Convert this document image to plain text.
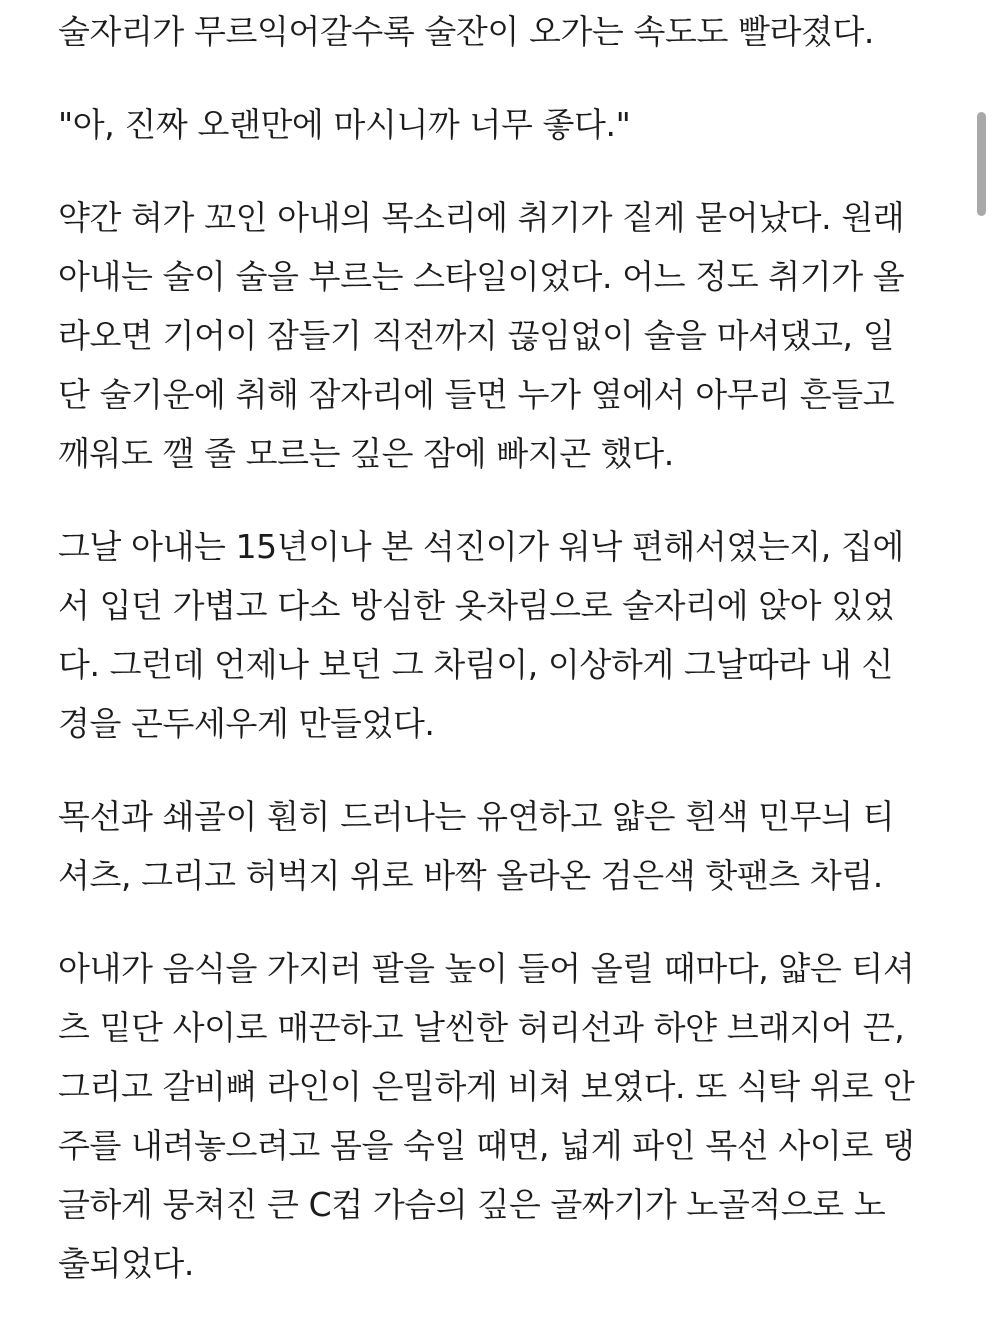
술자리가 무르익어갈수록 술잔이 오가는 속도도 빨라졌다.

"아, 진짜 오랜만에 마시니까 너무 좋다."

약간 혀가 꼬인 아내의 목소리에 취기가 짙게 묻어났다. 원래
아내는 술이 술을 부르는 스타일이었다. 어느 정도 취기가 올
라오면 기어이 잠들기 직전까지 끊임없이 술을 마셔댔고, 일
단 술기운에 취해 잠자리에 들면 누가 옆에서 아무리 흔들고
깨워도 깰 줄 모르는 깊은 잠에 빠지곤 했다.

그날 아내는 15년이나 본 석진이가 워낙 편해서였는지, 집에
서 입던 가볍고 다소 방심한 옷차림으로 술자리에 앉아 있었
다. 그런데 언제나 보던 그 차림이, 이상하게 그날따라 내 신
경을 곤두세우게 만들었다.

목선과 쇄골이 훤히 드러나는 유연하고 얇은 흰색 민무늬 티
셔츠, 그리고 허벅지 위로 바짝 올라온 검은색 핫팬츠 차림.

아내가 음식을 가지러 팔을 높이 들어 올릴 때마다, 얇은 티셔
츠 밑단 사이로 매끈하고 날씬한 허리선과 하얀 브래지어 끈,
그리고 갈비뼈 라인이 은밀하게 비쳐 보였다. 또 식탁 위로 안
주를 내려놓으려고 몸을 숙일 때면, 넓게 파인 목선 사이로 탱
글하게 뭉쳐진 큰 C컵 가슴의 깊은 골짜기가 노골적으로 노
출되었다.
